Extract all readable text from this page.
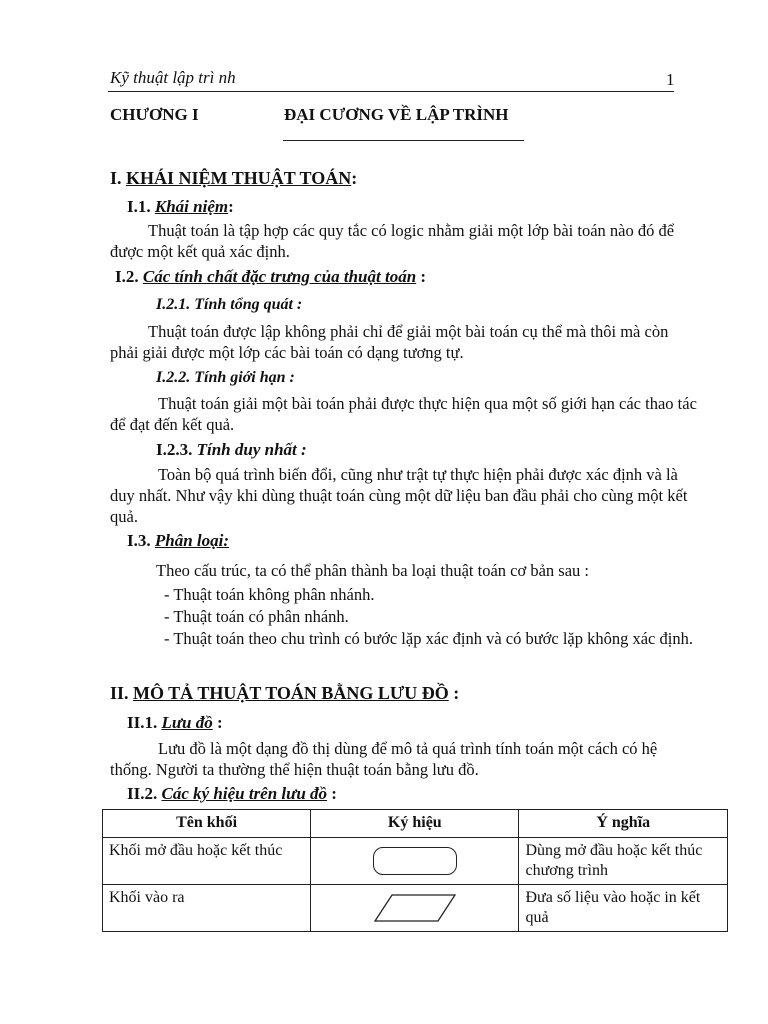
Kỹ thuật lập trì nh	1
CHƯƠNG I	ĐẠI CƯƠNG VỀ LẬP TRÌNH
I. KHÁI NIỆM THUẬT TOÁN:
I.1. Khái niệm:

Thuật toán là tập hợp các quy tắc có logic nhằm giải một lớp bài toán nào đó để được một kết quả xác định.

I.2. Các tính chất đặc trưng của thuật toán :
I.2.1. Tính tổng quát :

Thuật toán được lập không phải chỉ để giải một bài toán cụ thể mà thôi mà còn phải giải được một lớp các bài toán có dạng tương tự.

I.2.2. Tính giới hạn :

Thuật toán giải một bài toán phải được thực hiện qua một số giới hạn các thao tác để đạt đến kết quả.

I.2.3. Tính duy nhất :

Toàn bộ quá trình biến đổi, cũng như trật tự thực hiện phải được xác định và là duy nhất. Như vậy khi dùng thuật toán cùng một dữ liệu ban đầu phải cho cùng một kết quả.

I.3. Phân loại:
Theo cấu trúc, ta có thể phân thành ba loại thuật toán cơ bản sau :
- Thuật toán không phân nhánh.
- Thuật toán có phân nhánh.

- Thuật toán theo chu trình có bước lặp xác định và có bước lặp không xác định.

II. MÔ TẢ THUẬT TOÁN BẰNG LƯU ĐỒ :
II.1. Lưu đồ :

Lưu đồ là một dạng đồ thị dùng để mô tả quá trình tính toán một cách có hệ thống. Người ta thường thể hiện thuật toán bằng lưu đồ.

II.2. Các ký hiệu trên lưu đồ :
Tên khối	Ký hiệu	Ý nghĩa
Khối mở đầu hoặc kết thúc		Dùng mở đầu hoặc kết thúc chương trình
Khối vào ra		Đưa số liệu vào hoặc in kết quả
